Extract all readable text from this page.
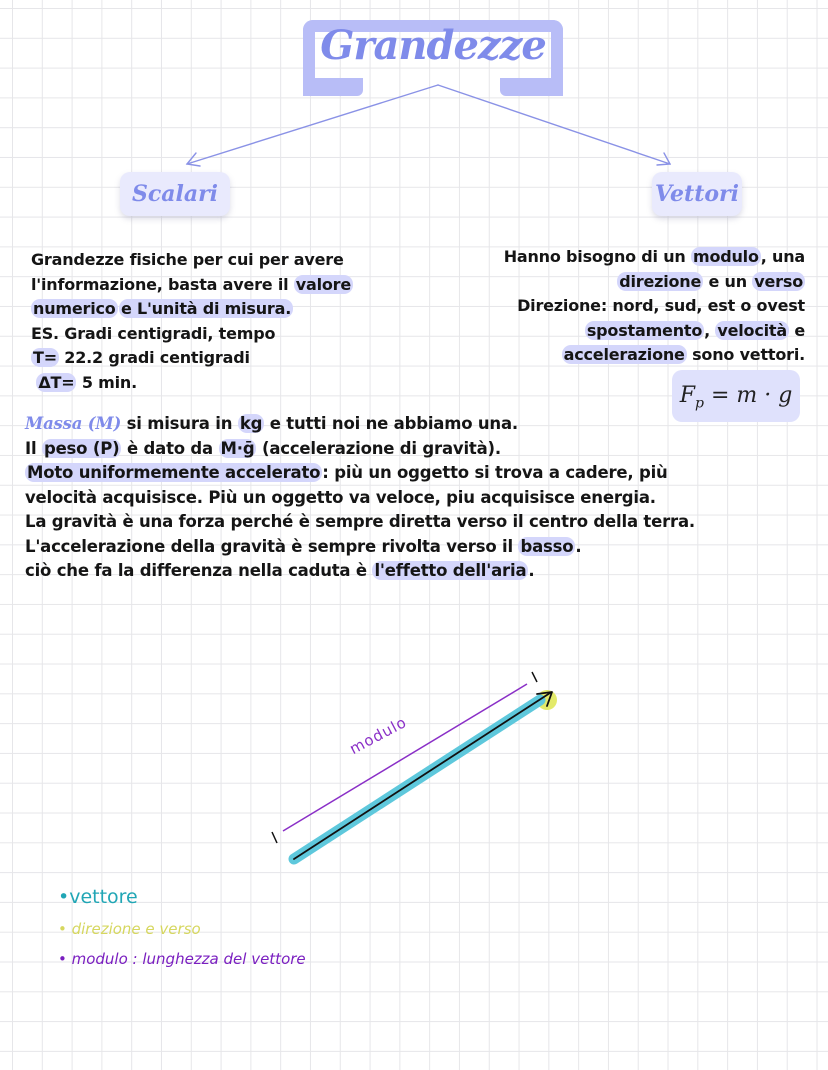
Grandezze
Scalari	Vettori
Grandezze fisiche per cui per avere
l'informazione, basta avere il valore
numerico e L'unità di misura.
ES. Gradi centigradi, tempo
T= 22.2 gradi centigradi
ΔT= 5 min.
Hanno bisogno di un modulo , una
direzione e un verso
Direzione: nord, sud, est o ovest
spostamento , velocità e
accelerazione sono vettori.
$F_p = m \cdot g$
Massa (M) si misura in kg e tutti noi ne abbiamo una.
Il peso (P) è dato da M·ḡ (accelerazione di gravità).
Moto uniformemente accelerato : più un oggetto si trova a cadere, più
velocità acquisisce. Più un oggetto va veloce, piu acquisisce energia.
La gravità è una forza perché è sempre diretta verso il centro della terra.
L'accelerazione della gravità è sempre rivolta verso il basso .
ciò che fa la differenza nella caduta è l'effetto dell'aria .
modulo
•vettore
• direzione e verso
• modulo : lunghezza del vettore
